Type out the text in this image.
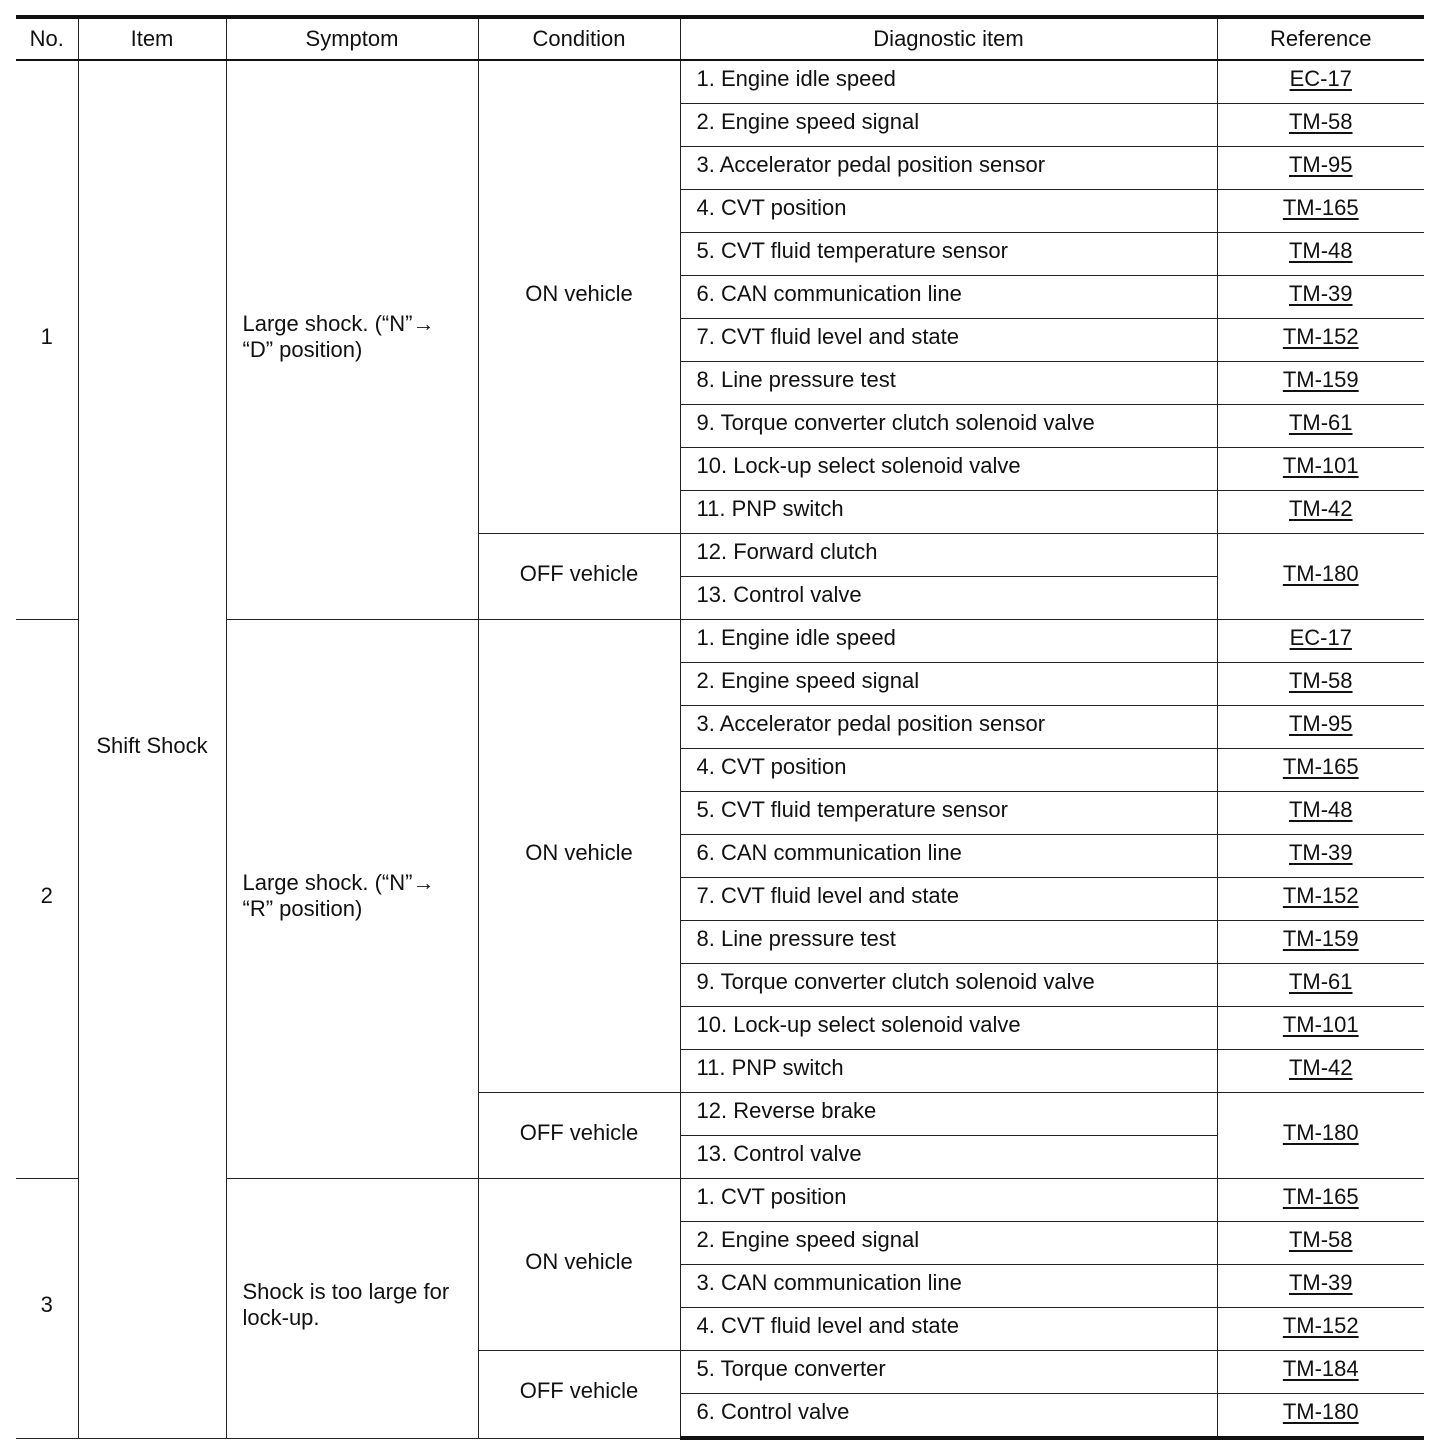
No.	Item	Symptom	Condition	Diagnostic item	Reference
1	Shift Shock	Large shock. (“N”→ “D” position)	ON vehicle	1. Engine idle speed	EC-17
				2. Engine speed signal	TM-58
				3. Accelerator pedal position sensor	TM-95
				4. CVT position	TM-165
				5. CVT fluid temperature sensor	TM-48
				6. CAN communication line	TM-39
				7. CVT fluid level and state	TM-152
				8. Line pressure test	TM-159
				9. Torque converter clutch solenoid valve	TM-61
				10. Lock-up select solenoid valve	TM-101
				11. PNP switch	TM-42
			OFF vehicle	12. Forward clutch	TM-180
				13. Control valve	
2		Large shock. (“N”→ “R” position)	ON vehicle	1. Engine idle speed	EC-17
				2. Engine speed signal	TM-58
				3. Accelerator pedal position sensor	TM-95
				4. CVT position	TM-165
				5. CVT fluid temperature sensor	TM-48
				6. CAN communication line	TM-39
				7. CVT fluid level and state	TM-152
				8. Line pressure test	TM-159
				9. Torque converter clutch solenoid valve	TM-61
				10. Lock-up select solenoid valve	TM-101
				11. PNP switch	TM-42
			OFF vehicle	12. Reverse brake	TM-180
				13. Control valve	
3		Shock is too large for lock-up.	ON vehicle	1. CVT position	TM-165
				2. Engine speed signal	TM-58
				3. CAN communication line	TM-39
				4. CVT fluid level and state	TM-152
			OFF vehicle	5. Torque converter	TM-184
				6. Control valve	TM-180
